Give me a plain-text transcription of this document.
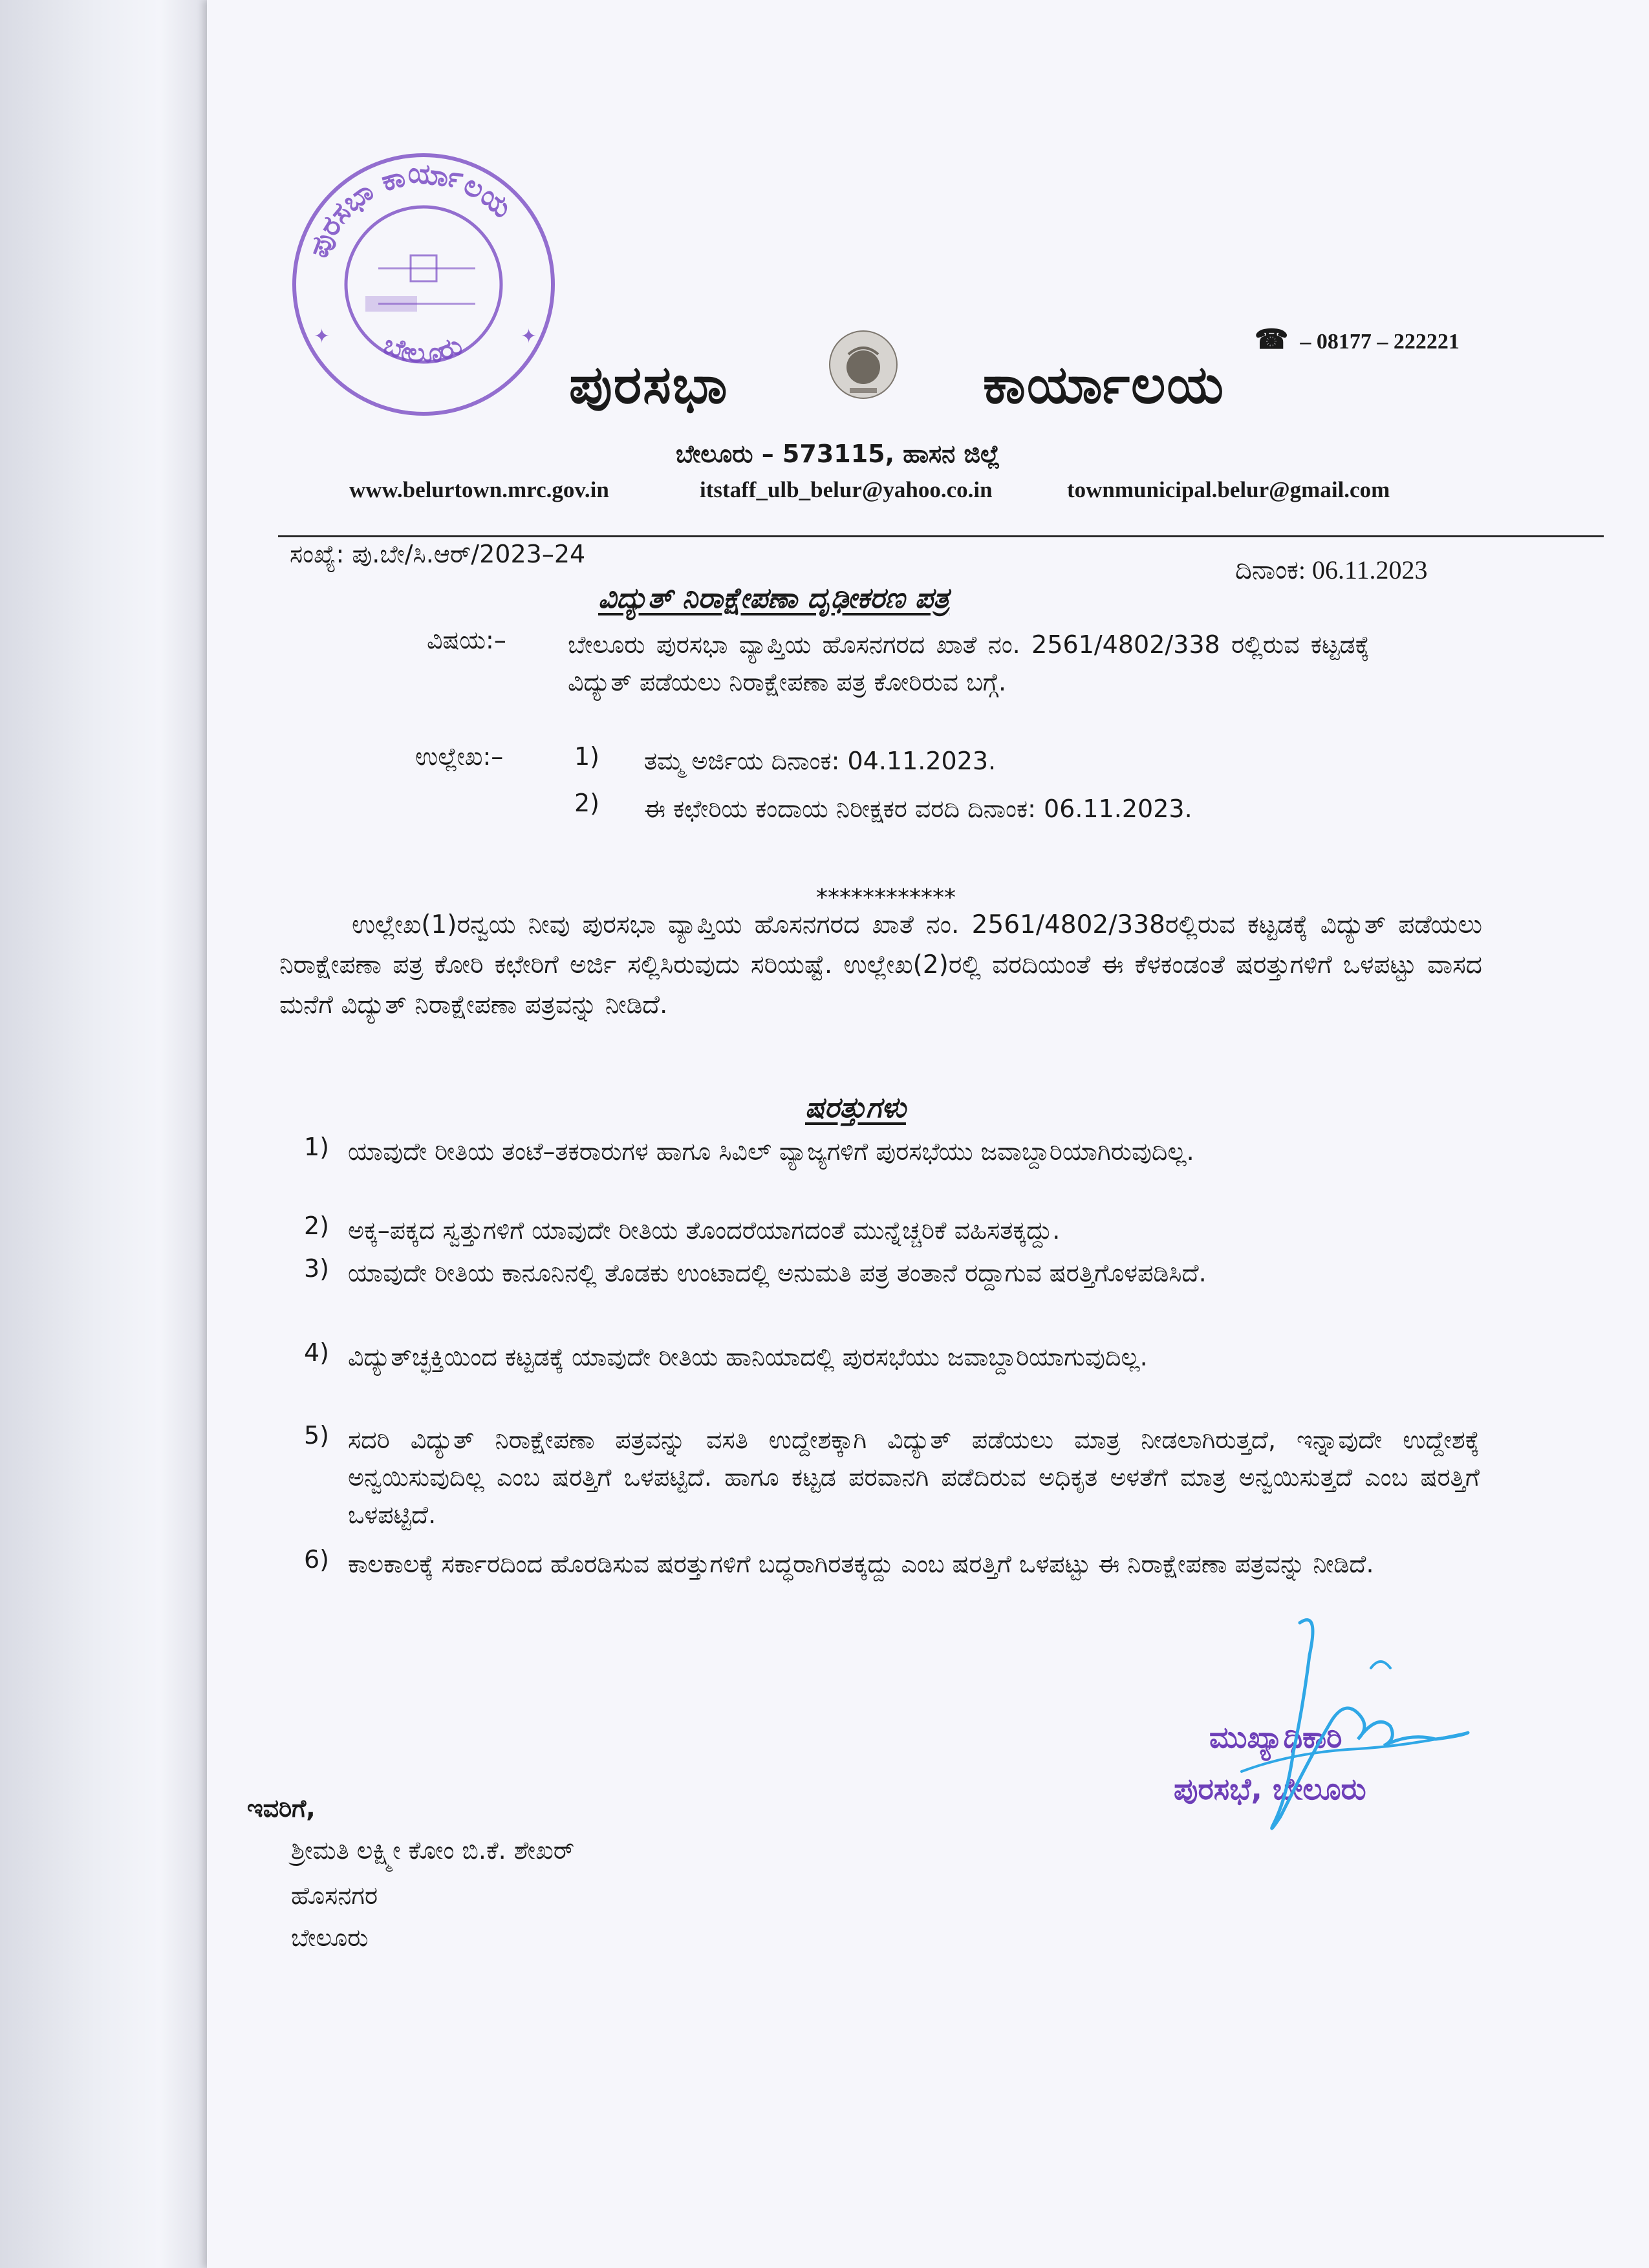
ಪುರಸಭಾ ಕಾರ್ಯಾಲಯ
ಬೇಲೂರು	✦
✦	☎ – 08177 – 222221
ಪುರಸಭಾ	ಕಾರ್ಯಾಲಯ
ಬೇಲೂರು – 573115, ಹಾಸನ ಜಿಲ್ಲೆ
www.belurtown.mrc.gov.in	itstaff_ulb_belur@yahoo.co.in	townmunicipal.belur@gmail.com
ಸಂಖ್ಯೆ: ಪು.ಬೇ/ಸಿ.ಆರ್/2023–24
ದಿನಾಂಕ: 06.11.2023
ವಿದ್ಯುತ್ ನಿರಾಕ್ಷೇಪಣಾ ದೃಢೀಕರಣ ಪತ್ರ
ವಿಷಯ:–	ಬೇಲೂರು ಪುರಸಭಾ ವ್ಯಾಪ್ತಿಯ ಹೊಸನಗರದ ಖಾತೆ ನಂ. 2561/4802/338 ರಲ್ಲಿರುವ ಕಟ್ಟಡಕ್ಕೆ ವಿದ್ಯುತ್ ಪಡೆಯಲು ನಿರಾಕ್ಷೇಪಣಾ ಪತ್ರ ಕೋರಿರುವ ಬಗ್ಗೆ.
ಉಲ್ಲೇಖ:–	1) ತಮ್ಮ ಅರ್ಜಿಯ ದಿನಾಂಕ: 04.11.2023.
2) ಈ ಕಛೇರಿಯ ಕಂದಾಯ ನಿರೀಕ್ಷಕರ ವರದಿ ದಿನಾಂಕ: 06.11.2023.
************
ಉಲ್ಲೇಖ(1)ರನ್ವಯ ನೀವು ಪುರಸಭಾ ವ್ಯಾಪ್ತಿಯ ಹೊಸನಗರದ ಖಾತೆ ನಂ. 2561/4802/338ರಲ್ಲಿರುವ ಕಟ್ಟಡಕ್ಕೆ ವಿದ್ಯುತ್ ಪಡೆಯಲು ನಿರಾಕ್ಷೇಪಣಾ ಪತ್ರ ಕೋರಿ ಕಛೇರಿಗೆ ಅರ್ಜಿ ಸಲ್ಲಿಸಿರುವುದು ಸರಿಯಷ್ಟೆ. ಉಲ್ಲೇಖ(2)ರಲ್ಲಿ ವರದಿಯಂತೆ ಈ ಕೆಳಕಂಡಂತೆ ಷರತ್ತುಗಳಿಗೆ ಒಳಪಟ್ಟು ವಾಸದ ಮನೆಗೆ ವಿದ್ಯುತ್ ನಿರಾಕ್ಷೇಪಣಾ ಪತ್ರವನ್ನು ನೀಡಿದೆ.
ಷರತ್ತುಗಳು
1) ಯಾವುದೇ ರೀತಿಯ ತಂಟೆ–ತಕರಾರುಗಳ ಹಾಗೂ ಸಿವಿಲ್ ವ್ಯಾಜ್ಯಗಳಿಗೆ ಪುರಸಭೆಯು ಜವಾಬ್ದಾರಿಯಾಗಿರುವುದಿಲ್ಲ.
2) ಅಕ್ಕ–ಪಕ್ಕದ ಸ್ವತ್ತುಗಳಿಗೆ ಯಾವುದೇ ರೀತಿಯ ತೊಂದರೆಯಾಗದಂತೆ ಮುನ್ನೆಚ್ಚರಿಕೆ ವಹಿಸತಕ್ಕದ್ದು.
3) ಯಾವುದೇ ರೀತಿಯ ಕಾನೂನಿನಲ್ಲಿ ತೊಡಕು ಉಂಟಾದಲ್ಲಿ ಅನುಮತಿ ಪತ್ರ ತಂತಾನೆ ರದ್ದಾಗುವ ಷರತ್ತಿಗೊಳಪಡಿಸಿದೆ.
4) ವಿದ್ಯುತ್‌ಚ್ಛಕ್ತಿಯಿಂದ ಕಟ್ಟಡಕ್ಕೆ ಯಾವುದೇ ರೀತಿಯ ಹಾನಿಯಾದಲ್ಲಿ ಪುರಸಭೆಯು ಜವಾಬ್ದಾರಿಯಾಗುವುದಿಲ್ಲ.
5) ಸದರಿ ವಿದ್ಯುತ್ ನಿರಾಕ್ಷೇಪಣಾ ಪತ್ರವನ್ನು ವಸತಿ ಉದ್ದೇಶಕ್ಕಾಗಿ ವಿದ್ಯುತ್ ಪಡೆಯಲು ಮಾತ್ರ ನೀಡಲಾಗಿರುತ್ತದೆ, ಇನ್ನಾವುದೇ ಉದ್ದೇಶಕ್ಕೆ ಅನ್ವಯಿಸುವುದಿಲ್ಲ ಎಂಬ ಷರತ್ತಿಗೆ ಒಳಪಟ್ಟಿದೆ. ಹಾಗೂ ಕಟ್ಟಡ ಪರವಾನಗಿ ಪಡೆದಿರುವ ಅಧಿಕೃತ ಅಳತೆಗೆ ಮಾತ್ರ ಅನ್ವಯಿಸುತ್ತದೆ ಎಂಬ ಷರತ್ತಿಗೆ ಒಳಪಟ್ಟಿದೆ.
6) ಕಾಲಕಾಲಕ್ಕೆ ಸರ್ಕಾರದಿಂದ ಹೊರಡಿಸುವ ಷರತ್ತುಗಳಿಗೆ ಬದ್ಧರಾಗಿರತಕ್ಕದ್ದು ಎಂಬ ಷರತ್ತಿಗೆ ಒಳಪಟ್ಟು ಈ ನಿರಾಕ್ಷೇಪಣಾ ಪತ್ರವನ್ನು ನೀಡಿದೆ.
ಮುಖ್ಯಾಧಿಕಾರಿ
ಪುರಸಭೆ, ಬೇಲೂರು
ಇವರಿಗೆ,
ಶ್ರೀಮತಿ ಲಕ್ಷ್ಮೀ ಕೋಂ ಬಿ.ಕೆ. ಶೇಖರ್
ಹೊಸನಗರ
ಬೇಲೂರು
